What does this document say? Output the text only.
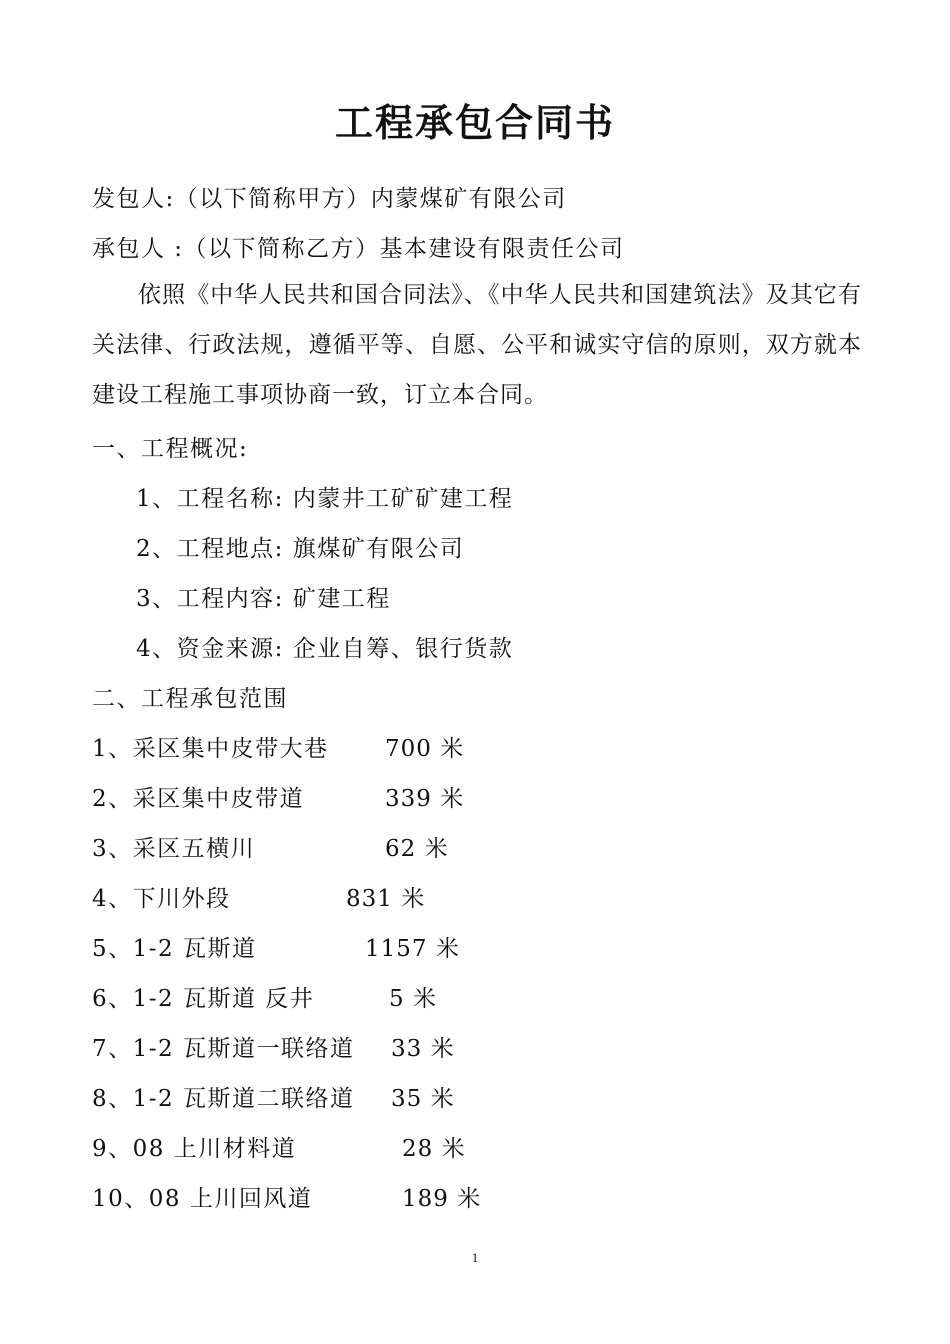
工程承包合同书
发包人:（以下简称甲方）内蒙煤矿有限公司
承包人 :（以下简称乙方）基本建设有限责任公司
依照《中华人民共和国合同法》、《中华人民共和国建筑法》及其它有关法律、行政法规，遵循平等、自愿、公平和诚实守信的原则，双方就本建设工程施工事项协商一致，订立本合同。
一、工程概况:
1、工程名称: 内蒙井工矿矿建工程
2、工程地点: 旗煤矿有限公司
3、工程内容: 矿建工程
4、资金来源: 企业自筹、银行货款
二、工程承包范围
1、采区集中皮带大巷 700 米
2、采区集中皮带道	339 米
3、采区五横川	62 米
4、下川外段	831 米
5、1-2 瓦斯道	1157 米
6、1-2 瓦斯道 反井	5 米
7、1-2 瓦斯道一联络道 33 米
8、1-2 瓦斯道二联络道 35 米
9、08 上川材料道	28 米
10、08 上川回风道	189 米
1
